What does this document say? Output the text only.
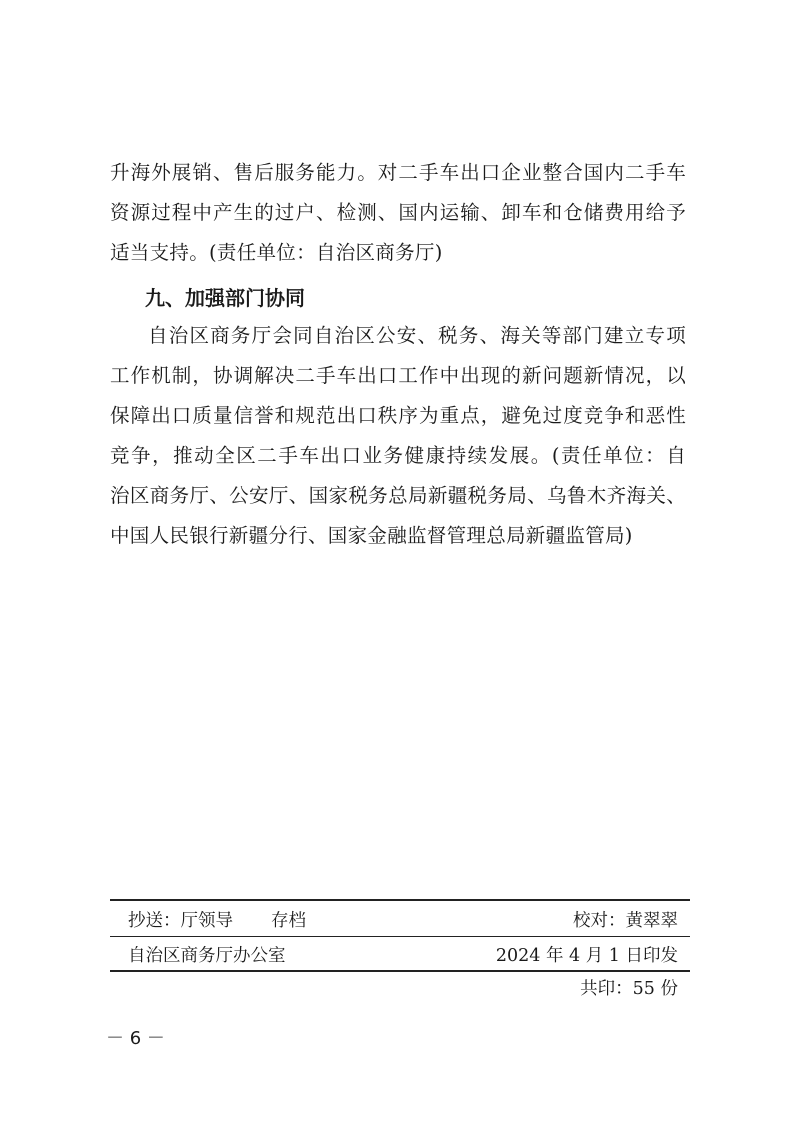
升海外展销、售后服务能力。对二手车出口企业整合国内二手车
资源过程中产生的过户、检测、国内运输、卸车和仓储费用给予
适当支持。(责任单位：自治区商务厅)
九、加强部门协同
自治区商务厅会同自治区公安、税务、海关等部门建立专项
工作机制，协调解决二手车出口工作中出现的新问题新情况，以
保障出口质量信誉和规范出口秩序为重点，避免过度竞争和恶性
竞争，推动全区二手车出口业务健康持续发展。(责任单位：自
治区商务厅、公安厅、国家税务总局新疆税务局、乌鲁木齐海关、
中国人民银行新疆分行、国家金融监督管理总局新疆监管局)
抄送：厅领导 存档	校对：黄翠翠
自治区商务厅办公室	2024 年 4 月 1 日印发
共印：55 份
－ 6 －
